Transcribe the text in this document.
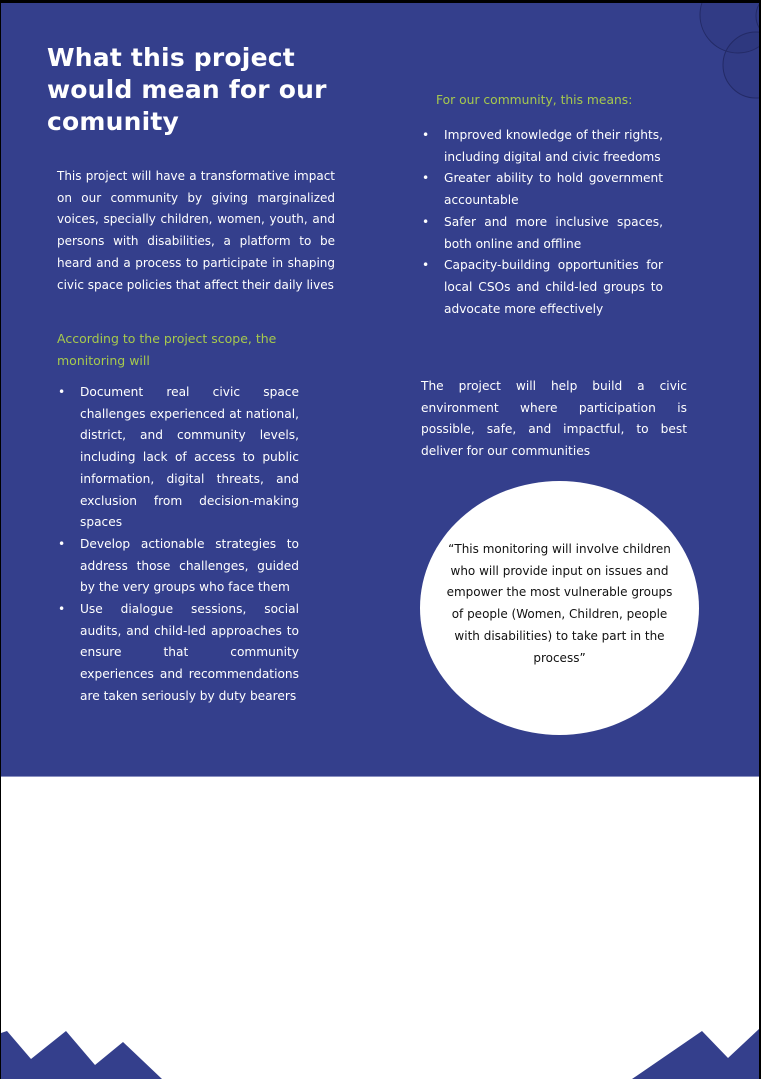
What this project would mean for our comunity

This project will have a transformative impact on our community by giving marginalized voices, specially children, women, youth, and persons with disabilities, a platform to be heard and a process to participate in shaping civic space policies that affect their daily lives

According to the project scope, the monitoring will

• Document real civic space challenges experienced at national, district, and community levels, including lack of access to public information, digital threats, and exclusion from decision-making spaces
• Develop actionable strategies to address those challenges, guided by the very groups who face them
• Use dialogue sessions, social audits, and child-led approaches to ensure that community experiences and recommendations are taken seriously by duty bearers

For our community, this means:

• Improved knowledge of their rights, including digital and civic freedoms
• Greater ability to hold government accountable
• Safer and more inclusive spaces, both online and offline
• Capacity-building opportunities for local CSOs and child-led groups to advocate more effectively

The project will help build a civic environment where participation is possible, safe, and impactful, to best deliver for our communities

“This monitoring will involve children who will provide input on issues and empower the most vulnerable groups of people (Women, Children, people with disabilities) to take part in the process”
